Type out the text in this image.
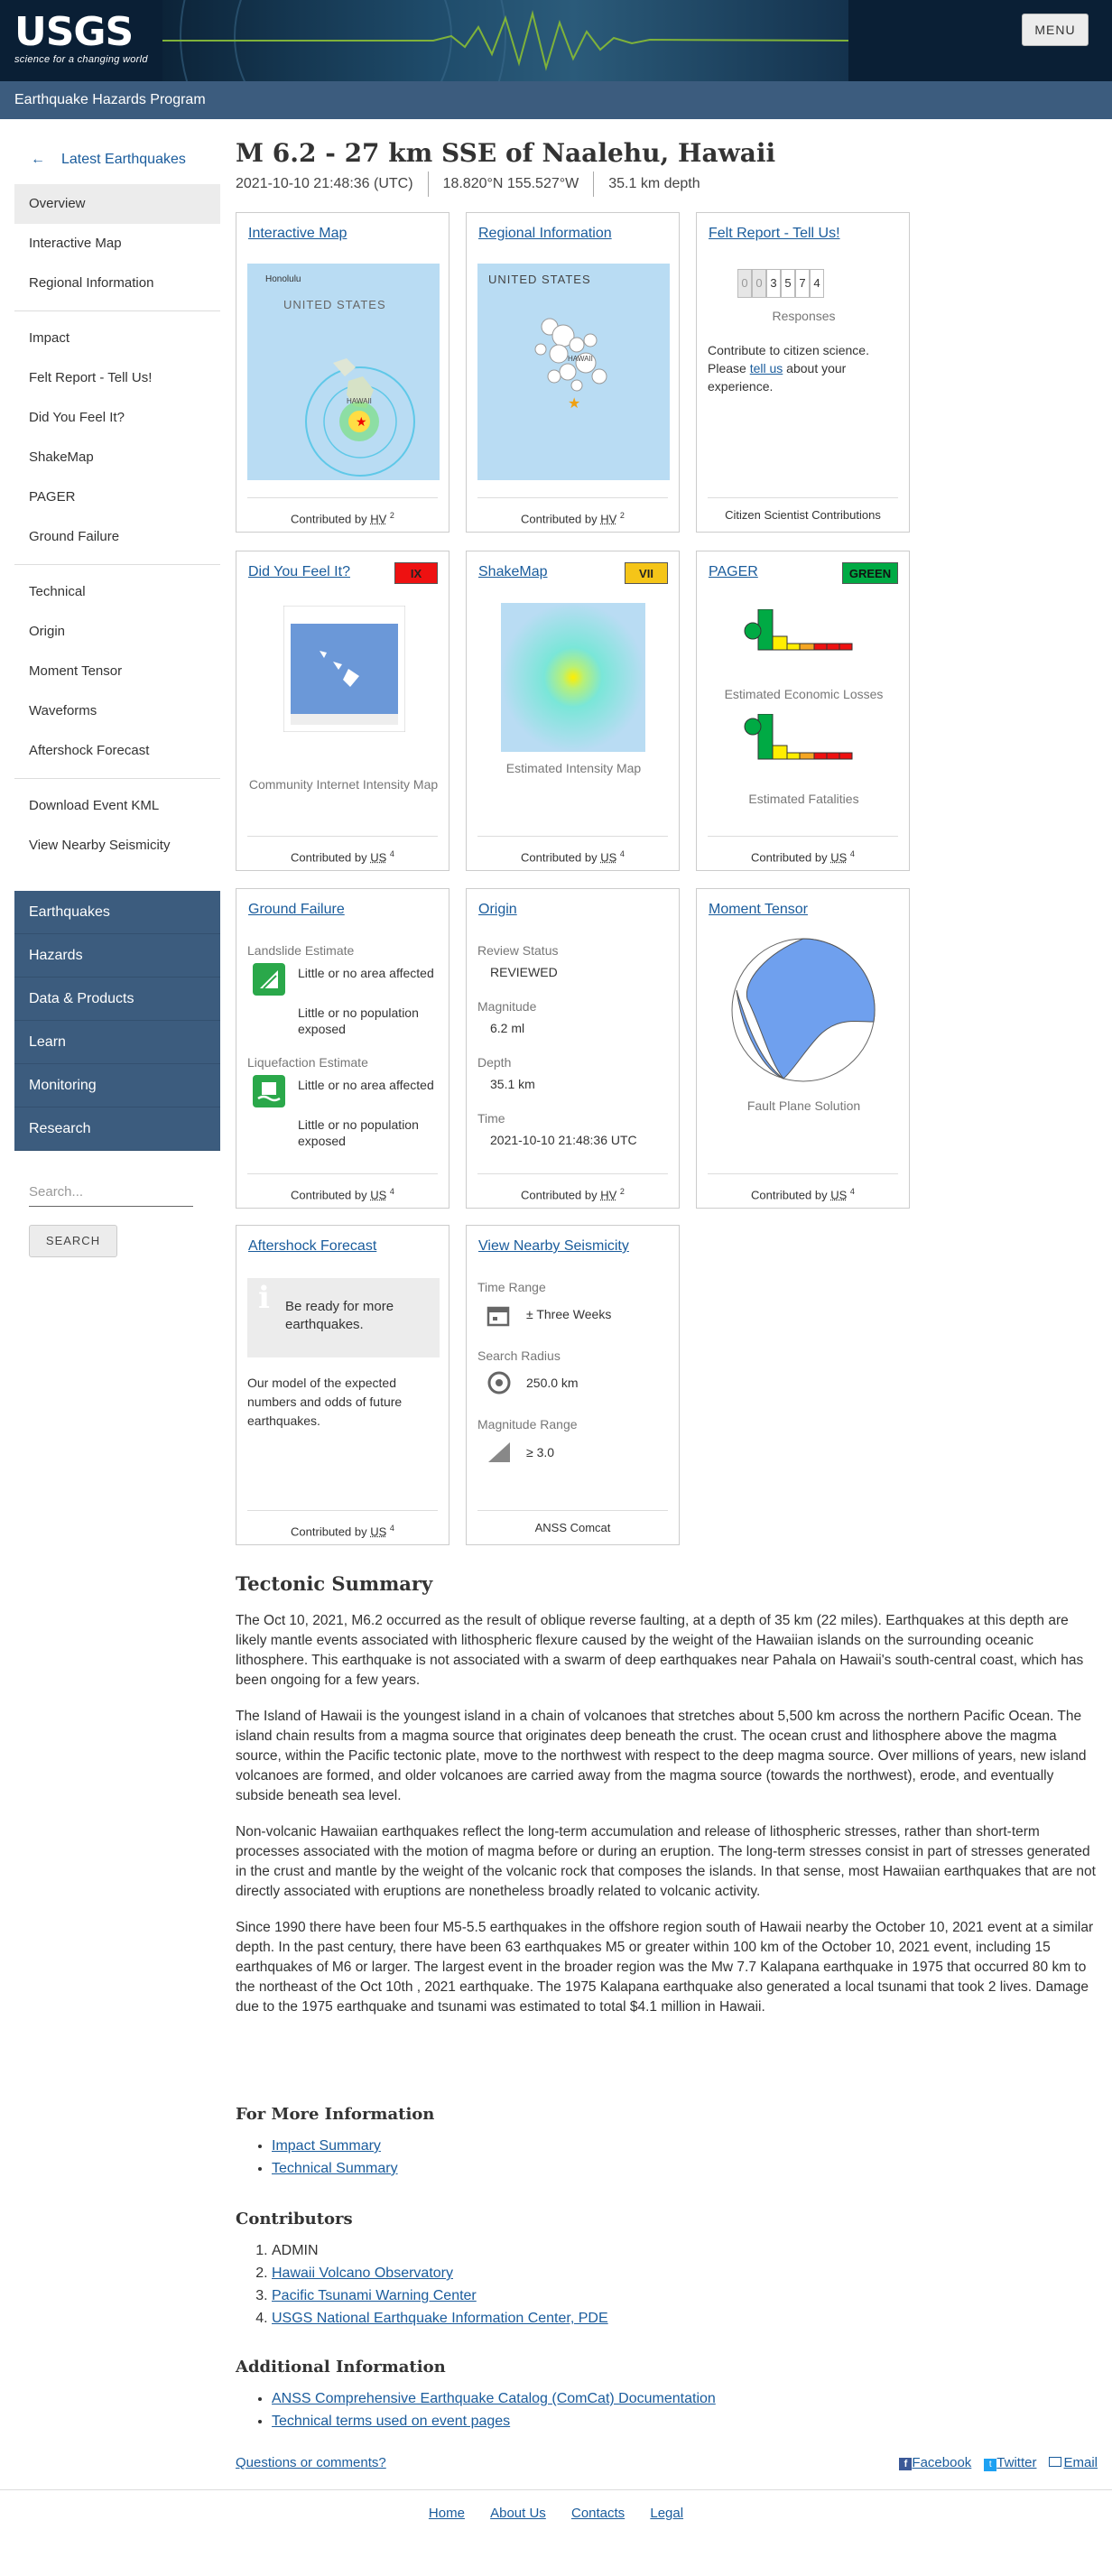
USGS
science for a changing world
MENU
Earthquake Hazards Program
← Latest Earthquakes
Overview
Interactive Map
Regional Information
Impact
Felt Report - Tell Us!
Did You Feel It?
ShakeMap
PAGER
Ground Failure
Technical
Origin
Moment Tensor
Waveforms
Aftershock Forecast
Download Event KML
View Nearby Seismicity
Earthquakes
Hazards
Data & Products
Learn
Monitoring
Research
Search...
SEARCH
M 6.2 - 27 km SSE of Naalehu, Hawaii
2021-10-10 21:48:36 (UTC)	18.820°N 155.527°W	35.1 km depth
Interactive Map
★
Honolulu
UNITED STATES
HAWAII
Contributed by HV $^2$
Regional Information
UNITED STATES
HAWAII
★
Contributed by HV $^2$
Felt Report - Tell Us!
0 0 3 5 7 4
Responses
Contribute to citizen science. Please tell us about your experience.
Citizen Scientist Contributions
Did You Feel It?	IX
Community Internet Intensity Map
Contributed by US $^4$
ShakeMap	VII
Estimated Intensity Map
Contributed by US $^4$
PAGER	GREEN
Estimated Economic Losses
Estimated Fatalities
Contributed by US $^4$
Ground Failure
Landslide Estimate
Little or no area affected
Little or no population exposed
Liquefaction Estimate
Little or no area affected
Little or no population exposed
Contributed by US $^4$
Origin
Review Status
REVIEWED
Magnitude
6.2 ml
Depth
35.1 km
Time
2021-10-10 21:48:36 UTC
Contributed by HV $^2$
Moment Tensor
Fault Plane Solution
Contributed by US $^4$
Aftershock Forecast
i	Be ready for more earthquakes.
Our model of the expected numbers and odds of future earthquakes.
Contributed by US $^4$
View Nearby Seismicity
Time Range
± Three Weeks
Search Radius
250.0 km
Magnitude Range
≥ 3.0
ANSS Comcat
Tectonic Summary

The Oct 10, 2021, M6.2 occurred as the result of oblique reverse faulting, at a depth of 35 km (22 miles). Earthquakes at this depth are likely mantle events associated with lithospheric flexure caused by the weight of the Hawaiian islands on the surrounding oceanic lithosphere. This earthquake is not associated with a swarm of deep earthquakes near Pahala on Hawaii's south-central coast, which has been ongoing for a few years.

The Island of Hawaii is the youngest island in a chain of volcanoes that stretches about 5,500 km across the northern Pacific Ocean. The island chain results from a magma source that originates deep beneath the crust. The ocean crust and lithosphere above the magma source, within the Pacific tectonic plate, move to the northwest with respect to the deep magma source. Over millions of years, new island volcanoes are formed, and older volcanoes are carried away from the magma source (towards the northwest), erode, and eventually subside beneath sea level.

Non-volcanic Hawaiian earthquakes reflect the long-term accumulation and release of lithospheric stresses, rather than short-term processes associated with the motion of magma before or during an eruption. The long-term stresses consist in part of stresses generated in the crust and mantle by the weight of the volcanic rock that composes the islands. In that sense, most Hawaiian earthquakes that are not directly associated with eruptions are nonetheless broadly related to volcanic activity.

Since 1990 there have been four M5-5.5 earthquakes in the offshore region south of Hawaii nearby the October 10, 2021 event at a similar depth. In the past century, there have been 63 earthquakes M5 or greater within 100 km of the October 10, 2021 event, including 15 earthquakes of M6 or larger. The largest event in the broader region was the Mw 7.7 Kalapana earthquake in 1975 that occurred 80 km to the northeast of the Oct 10th , 2021 earthquake. The 1975 Kalapana earthquake also generated a local tsunami that took 2 lives. Damage due to the 1975 earthquake and tsunami was estimated to total $4.1 million in Hawaii.

For More Information
• Impact Summary
• Technical Summary
Contributors
1. ADMIN
2. Hawaii Volcano Observatory
3. Pacific Tsunami Warning Center
4. USGS National Earthquake Information Center, PDE
Additional Information
• ANSS Comprehensive Earthquake Catalog (ComCat) Documentation
• Technical terms used on event pages
Questions or comments?	f Facebook	t Twitter	Email
Home About Us Contacts Legal
